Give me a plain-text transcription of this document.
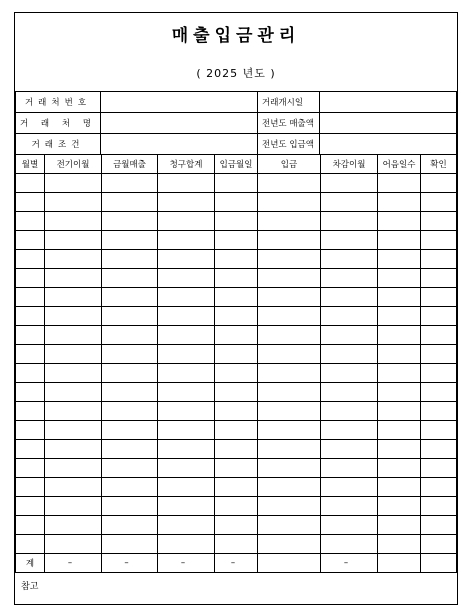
매출입금관리
( 2025 년도 )
거래처번호		거래개시일	
거 래 처 명		전년도 매출액	
거래조건		전년도 입금액	
월별	전기이월	금월매출	청구합계	입금월일	입금	차감이월	어음일수	확인

계	–	–	–	–		–		
참고
